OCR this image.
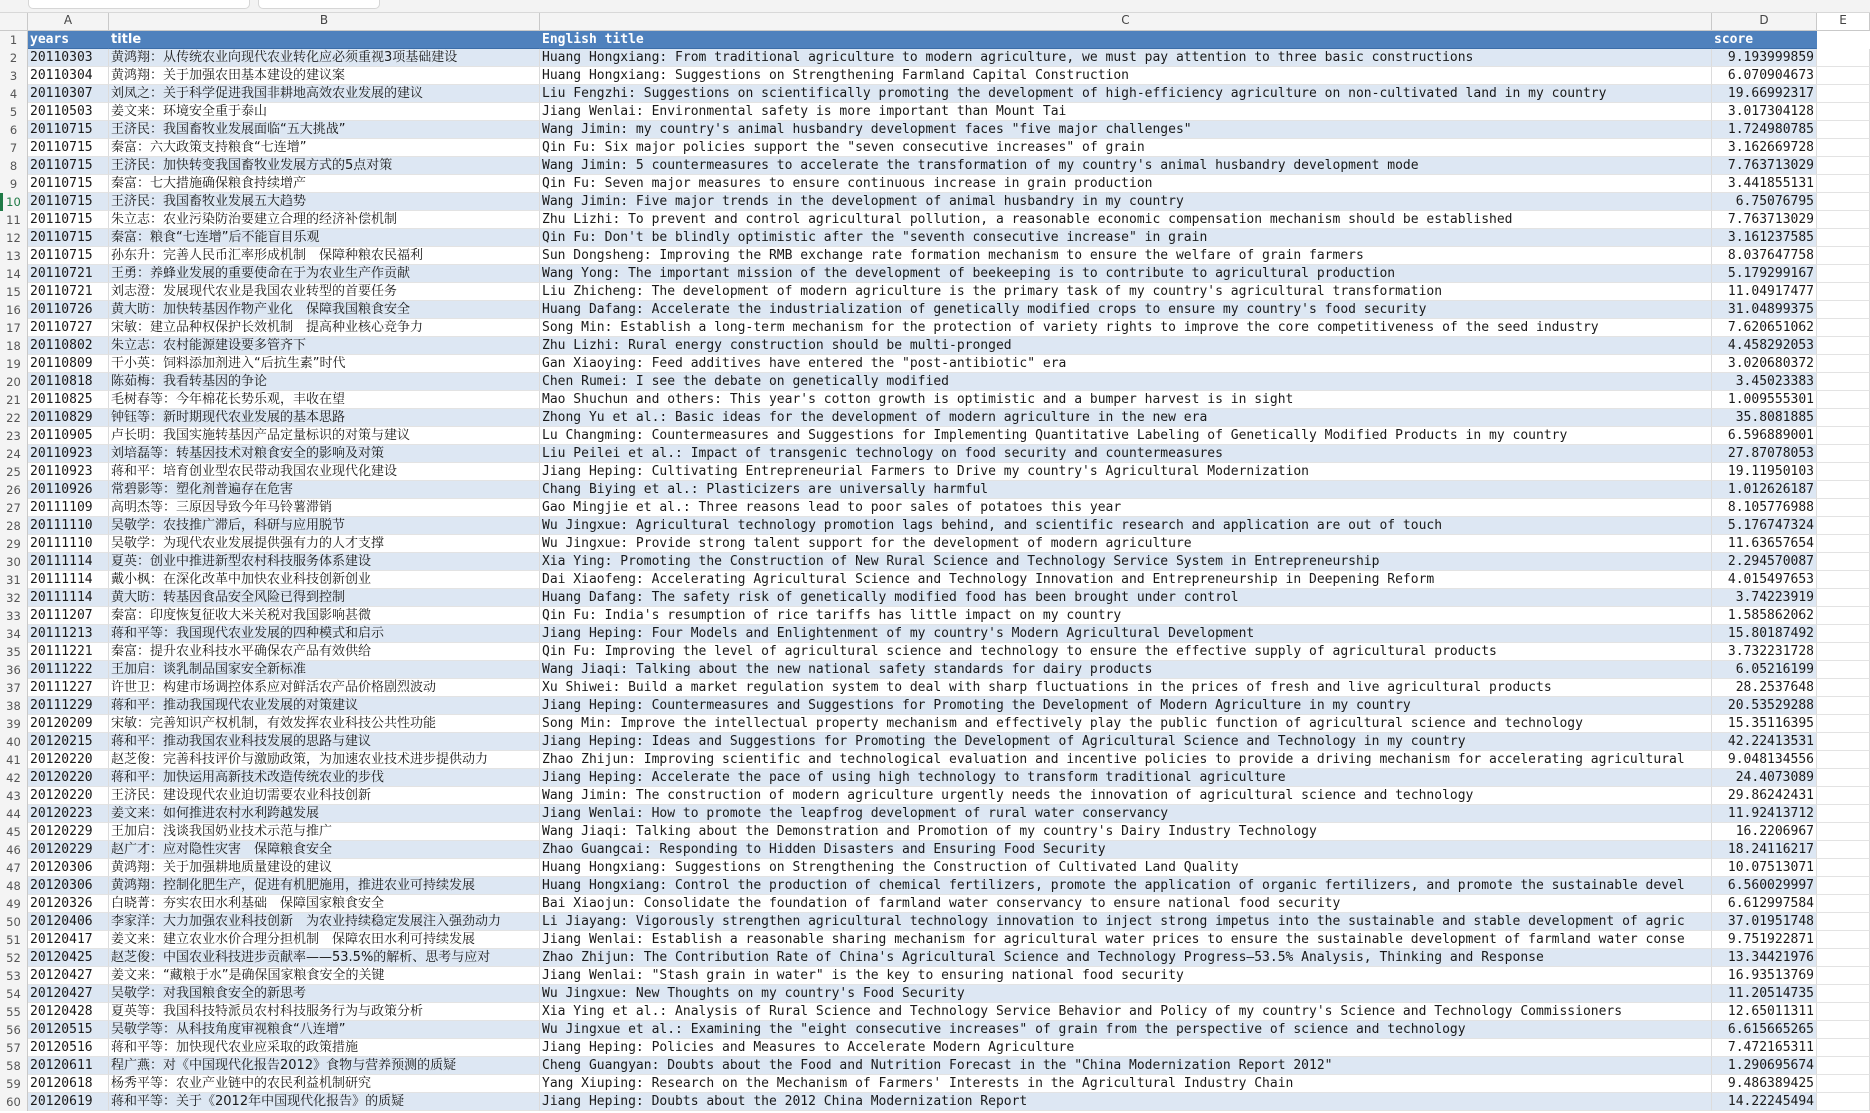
A	B	C	D	E
1 years	title	English title	score
2 20110303	黄鸿翔：从传统农业向现代农业转化应必须重视3项基础建设	Huang Hongxiang: From traditional agriculture to modern agriculture, we must pay attention to three basic constructions	9.193999859
3 20110304	黄鸿翔：关于加强农田基本建设的建议案	Huang Hongxiang: Suggestions on Strengthening Farmland Capital Construction	6.070904673
4 20110307	刘凤之：关于科学促进我国非耕地高效农业发展的建议	Liu Fengzhi: Suggestions on scientifically promoting the development of high-efficiency agriculture on non-cultivated land in my country	19.66992317
5 20110503	姜文来：环境安全重于泰山	Jiang Wenlai: Environmental safety is more important than Mount Tai	3.017304128
6 20110715	王济民：我国畜牧业发展面临“五大挑战”	Wang Jimin: my country's animal husbandry development faces "five major challenges"	1.724980785
7 20110715	秦富：六大政策支持粮食“七连增”	Qin Fu: Six major policies support the "seven consecutive increases" of grain	3.162669728
8 20110715	王济民：加快转变我国畜牧业发展方式的5点对策	Wang Jimin: 5 countermeasures to accelerate the transformation of my country's animal husbandry development mode	7.763713029
9 20110715	秦富：七大措施确保粮食持续增产	Qin Fu: Seven major measures to ensure continuous increase in grain production	3.441855131
10 20110715	王济民：我国畜牧业发展五大趋势	Wang Jimin: Five major trends in the development of animal husbandry in my country	6.75076795
11 20110715	朱立志：农业污染防治要建立合理的经济补偿机制	Zhu Lizhi: To prevent and control agricultural pollution, a reasonable economic compensation mechanism should be established	7.763713029
12 20110715	秦富：粮食“七连增”后不能盲目乐观	Qin Fu: Don't be blindly optimistic after the "seventh consecutive increase" in grain	3.161237585
13 20110715	孙东升：完善人民币汇率形成机制　保障种粮农民福利	Sun Dongsheng: Improving the RMB exchange rate formation mechanism to ensure the welfare of grain farmers	8.037647758
14 20110721	王勇：养蜂业发展的重要使命在于为农业生产作贡献	Wang Yong: The important mission of the development of beekeeping is to contribute to agricultural production	5.179299167
15 20110721	刘志澄：发展现代农业是我国农业转型的首要任务	Liu Zhicheng: The development of modern agriculture is the primary task of my country's agricultural transformation	11.04917477
16 20110726	黄大昉：加快转基因作物产业化　保障我国粮食安全	Huang Dafang: Accelerate the industrialization of genetically modified crops to ensure my country's food security	31.04899375
17 20110727	宋敏：建立品种权保护长效机制　提高种业核心竞争力	Song Min: Establish a long-term mechanism for the protection of variety rights to improve the core competitiveness of the seed industry	7.620651062
18 20110802	朱立志：农村能源建设要多管齐下	Zhu Lizhi: Rural energy construction should be multi-pronged	4.458292053
19 20110809	干小英：饲料添加剂进入“后抗生素”时代	Gan Xiaoying: Feed additives have entered the "post-antibiotic" era	3.020680372
20 20110818	陈茹梅：我看转基因的争论	Chen Rumei: I see the debate on genetically modified	3.45023383
21 20110825	毛树春等：今年棉花长势乐观，丰收在望	Mao Shuchun and others: This year's cotton growth is optimistic and a bumper harvest is in sight	1.009555301
22 20110829	钟钰等：新时期现代农业发展的基本思路	Zhong Yu et al.: Basic ideas for the development of modern agriculture in the new era	35.8081885
23 20110905	卢长明：我国实施转基因产品定量标识的对策与建议	Lu Changming: Countermeasures and Suggestions for Implementing Quantitative Labeling of Genetically Modified Products in my country	6.596889001
24 20110923	刘培磊等：转基因技术对粮食安全的影响及对策	Liu Peilei et al.: Impact of transgenic technology on food security and countermeasures	27.87078053
25 20110923	蒋和平：培育创业型农民带动我国农业现代化建设	Jiang Heping: Cultivating Entrepreneurial Farmers to Drive my country's Agricultural Modernization	19.11950103
26 20110926	常碧影等：塑化剂普遍存在危害	Chang Biying et al.: Plasticizers are universally harmful	1.012626187
27 20111109	高明杰等：三原因导致今年马铃薯滞销	Gao Mingjie et al.: Three reasons lead to poor sales of potatoes this year	8.105776988
28 20111110	吴敬学：农技推广滞后，科研与应用脱节	Wu Jingxue: Agricultural technology promotion lags behind, and scientific research and application are out of touch	5.176747324
29 20111110	吴敬学：为现代农业发展提供强有力的人才支撑	Wu Jingxue: Provide strong talent support for the development of modern agriculture	11.63657654
30 20111114	夏英：创业中推进新型农村科技服务体系建设	Xia Ying: Promoting the Construction of New Rural Science and Technology Service System in Entrepreneurship	2.294570087
31 20111114	戴小枫：在深化改革中加快农业科技创新创业	Dai Xiaofeng: Accelerating Agricultural Science and Technology Innovation and Entrepreneurship in Deepening Reform	4.015497653
32 20111114	黄大昉：转基因食品安全风险已得到控制	Huang Dafang: The safety risk of genetically modified food has been brought under control	3.74223919
33 20111207	秦富：印度恢复征收大米关税对我国影响甚微	Qin Fu: India's resumption of rice tariffs has little impact on my country	1.585862062
34 20111213	蒋和平等：我国现代农业发展的四种模式和启示	Jiang Heping: Four Models and Enlightenment of my country's Modern Agricultural Development	15.80187492
35 20111221	秦富：提升农业科技水平确保农产品有效供给	Qin Fu: Improving the level of agricultural science and technology to ensure the effective supply of agricultural products	3.732231728
36 20111222	王加启：谈乳制品国家安全新标准	Wang Jiaqi: Talking about the new national safety standards for dairy products	6.05216199
37 20111227	许世卫：构建市场调控体系应对鲜活农产品价格剧烈波动	Xu Shiwei: Build a market regulation system to deal with sharp fluctuations in the prices of fresh and live agricultural products	28.2537648
38 20111229	蒋和平：推动我国现代农业发展的对策建议	Jiang Heping: Countermeasures and Suggestions for Promoting the Development of Modern Agriculture in my country	20.53529288
39 20120209	宋敏：完善知识产权机制，有效发挥农业科技公共性功能	Song Min: Improve the intellectual property mechanism and effectively play the public function of agricultural science and technology	15.35116395
40 20120215	蒋和平：推动我国农业科技发展的思路与建议	Jiang Heping: Ideas and Suggestions for Promoting the Development of Agricultural Science and Technology in my country	42.22413531
41 20120220	赵芝俊：完善科技评价与激励政策，为加速农业技术进步提供动力	Zhao Zhijun: Improving scientific and technological evaluation and incentive policies to provide a driving mechanism for accelerating agricultural	9.048134556
42 20120220	蒋和平：加快运用高新技术改造传统农业的步伐	Jiang Heping: Accelerate the pace of using high technology to transform traditional agriculture	24.4073089
43 20120220	王济民：建设现代农业迫切需要农业科技创新	Wang Jimin: The construction of modern agriculture urgently needs the innovation of agricultural science and technology	29.86242431
44 20120223	姜文来：如何推进农村水利跨越发展	Jiang Wenlai: How to promote the leapfrog development of rural water conservancy	11.92413712
45 20120229	王加启：浅谈我国奶业技术示范与推广	Wang Jiaqi: Talking about the Demonstration and Promotion of my country's Dairy Industry Technology	16.2206967
46 20120229	赵广才：应对隐性灾害　保障粮食安全	Zhao Guangcai: Responding to Hidden Disasters and Ensuring Food Security	18.24116217
47 20120306	黄鸿翔：关于加强耕地质量建设的建议	Huang Hongxiang: Suggestions on Strengthening the Construction of Cultivated Land Quality	10.07513071
48 20120306	黄鸿翔：控制化肥生产，促进有机肥施用，推进农业可持续发展	Huang Hongxiang: Control the production of chemical fertilizers, promote the application of organic fertilizers, and promote the sustainable devel	6.560029997
49 20120326	白晓菁：夯实农田水利基础　保障国家粮食安全	Bai Xiaojun: Consolidate the foundation of farmland water conservancy to ensure national food security	6.612997584
50 20120406	李家洋：大力加强农业科技创新　为农业持续稳定发展注入强劲动力	Li Jiayang: Vigorously strengthen agricultural technology innovation to inject strong impetus into the sustainable and stable development of agric	37.01951748
51 20120417	姜文来：建立农业水价合理分担机制　保障农田水利可持续发展	Jiang Wenlai: Establish a reasonable sharing mechanism for agricultural water prices to ensure the sustainable development of farmland water conse	9.751922871
52 20120425	赵芝俊：中国农业科技进步贡献率——53.5%的解析、思考与应对	Zhao Zhijun: The Contribution Rate of China's Agricultural Science and Technology Progress—53.5% Analysis, Thinking and Response	13.34421976
53 20120427	姜文来：“藏粮于水”是确保国家粮食安全的关键	Jiang Wenlai: "Stash grain in water" is the key to ensuring national food security	16.93513769
54 20120427	吴敬学：对我国粮食安全的新思考	Wu Jingxue: New Thoughts on my country's Food Security	11.20514735
55 20120428	夏英等：我国科技特派员农村科技服务行为与政策分析	Xia Ying et al.: Analysis of Rural Science and Technology Service Behavior and Policy of my country's Science and Technology Commissioners	12.65011311
56 20120515	吴敬学等：从科技角度审视粮食“八连增”	Wu Jingxue et al.: Examining the "eight consecutive increases" of grain from the perspective of science and technology	6.615665265
57 20120516	蒋和平等：加快现代农业应采取的政策措施	Jiang Heping: Policies and Measures to Accelerate Modern Agriculture	7.472165311
58 20120611	程广燕：对《中国现代化报告2012》食物与营养预测的质疑	Cheng Guangyan: Doubts about the Food and Nutrition Forecast in the "China Modernization Report 2012"	1.290695674
59 20120618	杨秀平等：农业产业链中的农民利益机制研究	Yang Xiuping: Research on the Mechanism of Farmers' Interests in the Agricultural Industry Chain	9.486389425
60 20120619	蒋和平等：关于《2012年中国现代化报告》的质疑	Jiang Heping: Doubts about the 2012 China Modernization Report	14.22245494
